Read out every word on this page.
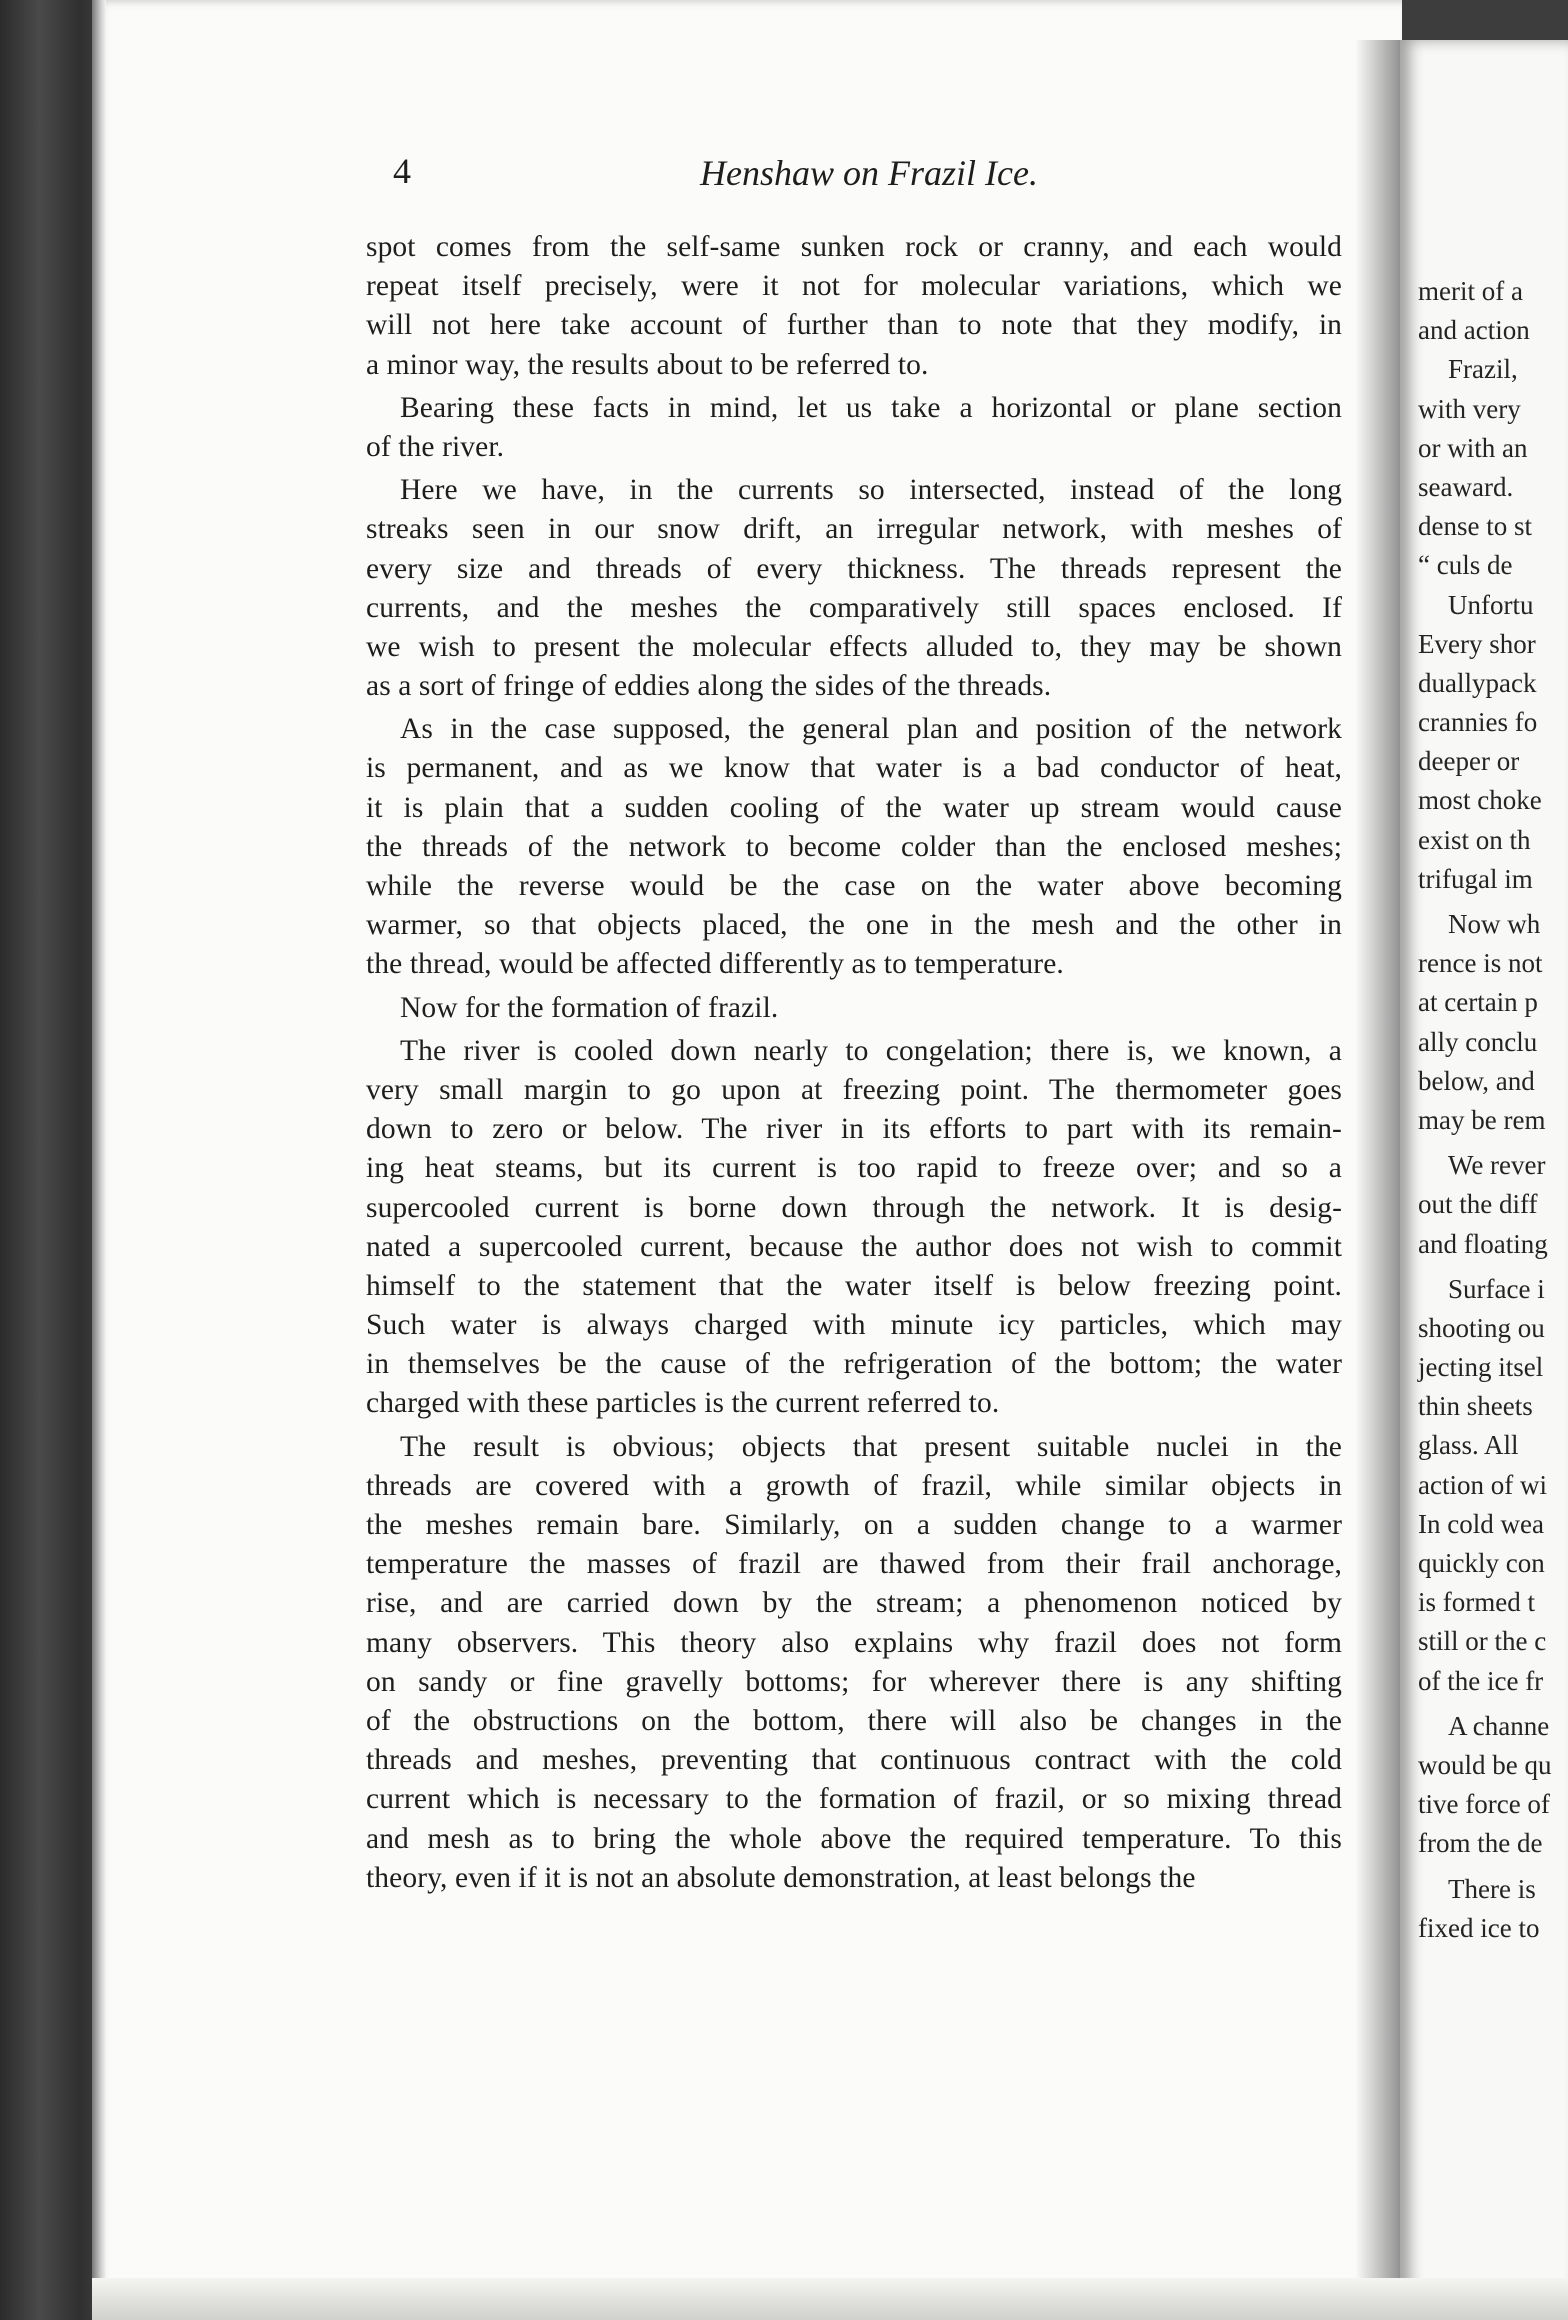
4	Henshaw on Frazil Ice.
spot comes from the self-same sunken rock or cranny, and each would
repeat itself precisely, were it not for molecular variations, which we
will not here take account of further than to note that they modify, in
a minor way, the results about to be referred to.
Bearing these facts in mind, let us take a horizontal or plane section
of the river.
Here we have, in the currents so intersected, instead of the long
streaks seen in our snow drift, an irregular network, with meshes of
every size and threads of every thickness. The threads represent the
currents, and the meshes the comparatively still spaces enclosed. If
we wish to present the molecular effects alluded to, they may be shown
as a sort of fringe of eddies along the sides of the threads.
As in the case supposed, the general plan and position of the network
is permanent, and as we know that water is a bad conductor of heat,
it is plain that a sudden cooling of the water up stream would cause
the threads of the network to become colder than the enclosed meshes;
while the reverse would be the case on the water above becoming
warmer, so that objects placed, the one in the mesh and the other in
the thread, would be affected differently as to temperature.
Now for the formation of frazil.
The river is cooled down nearly to congelation; there is, we known, a
very small margin to go upon at freezing point. The thermometer goes
down to zero or below. The river in its efforts to part with its remain-
ing heat steams, but its current is too rapid to freeze over; and so a
supercooled current is borne down through the network. It is desig-
nated a supercooled current, because the author does not wish to commit
himself to the statement that the water itself is below freezing point.
Such water is always charged with minute icy particles, which may
in themselves be the cause of the refrigeration of the bottom; the water
charged with these particles is the current referred to.
The result is obvious; objects that present suitable nuclei in the
threads are covered with a growth of frazil, while similar objects in
the meshes remain bare. Similarly, on a sudden change to a warmer
temperature the masses of frazil are thawed from their frail anchorage,
rise, and are carried down by the stream; a phenomenon noticed by
many observers. This theory also explains why frazil does not form
on sandy or fine gravelly bottoms; for wherever there is any shifting
of the obstructions on the bottom, there will also be changes in the
threads and meshes, preventing that continuous contract with the cold
current which is necessary to the formation of frazil, or so mixing thread
and mesh as to bring the whole above the required temperature. To this
theory, even if it is not an absolute demonstration, at least belongs the
merit of a
and action
Frazil,
with very
or with an
seaward.
dense to st
“ culs de
Unfortu
Every shor
duallypack
crannies fo
deeper or
most choke
exist on th
trifugal im
Now wh
rence is not
at certain p
ally conclu
below, and
may be rem
We rever
out the diff
and floating
Surface i
shooting ou
jecting itsel
thin sheets
glass. All
action of wi
In cold wea
quickly con
is formed t
still or the c
of the ice fr
A channe
would be qu
tive force of
from the de
There is
fixed ice to
